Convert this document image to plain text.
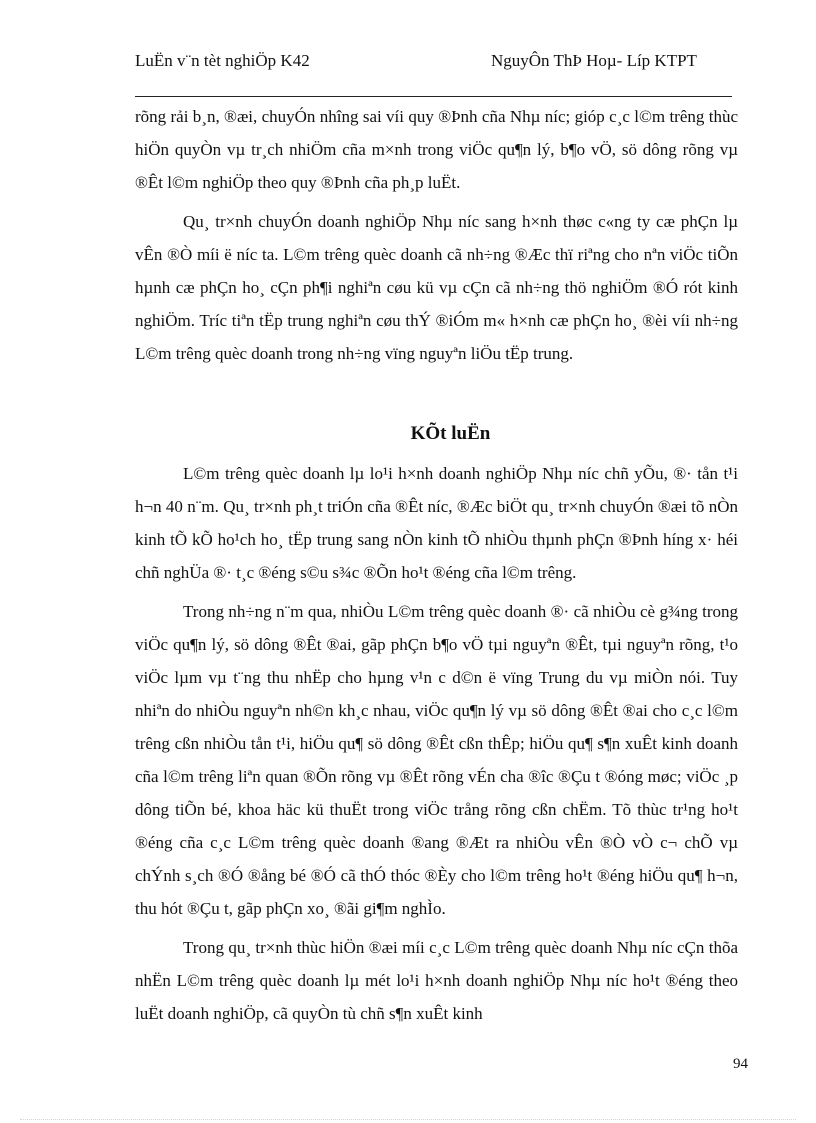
LuËn v¨n tèt nghiÖp K42	NguyÔn ThÞ Hoµ- Líp KTPT

rõng rải b¸n, ®æi, chuyÓn nhîng sai víi quy ®Þnh cña Nhµ níc; gióp c¸c l©m trêng thùc hiÖn quyÒn vµ tr¸ch nhiÖm cña m×nh trong viÖc qu¶n lý, b¶o vÖ, sö dông rõng vµ ®Êt l©m nghiÖp theo quy ®Þnh cña ph¸p luËt.

Qu¸ tr×nh chuyÓn doanh nghiÖp Nhµ níc sang h×nh thøc c«ng ty cæ phÇn lµ vÊn ®Ò míi ë níc ta. L©m trêng quèc doanh cã nh÷ng ®Æc thï riªng cho nªn viÖc tiÕn hµnh cæ phÇn ho¸ cÇn ph¶i nghiªn cøu kü vµ cÇn cã nh÷ng thö nghiÖm ®Ó rót kinh nghiÖm. Tríc tiªn tËp trung nghiªn cøu thÝ ®iÓm m« h×nh cæ phÇn ho¸ ®èi víi nh÷ng L©m trêng quèc doanh trong nh÷ng vïng nguyªn liÖu tËp trung.

KÕt luËn

L©m trêng quèc doanh lµ lo¹i h×nh doanh nghiÖp Nhµ níc chñ yÕu, ®· tån t¹i h¬n 40 n¨m. Qu¸ tr×nh ph¸t triÓn cña ®Êt níc, ®Æc biÖt qu¸ tr×nh chuyÓn ®æi tõ nÒn kinh tÕ kÕ ho¹ch ho¸ tËp trung sang nÒn kinh tÕ nhiÒu thµnh phÇn ®Þnh híng x· héi chñ nghÜa ®· t¸c ®éng s©u s¾c ®Õn ho¹t ®éng cña l©m trêng.

Trong nh÷ng n¨m qua, nhiÒu L©m trêng quèc doanh ®· cã nhiÒu cè g¾ng trong viÖc qu¶n lý, sö dông ®Êt ®ai, gãp phÇn b¶o vÖ tµi nguyªn ®Êt, tµi nguyªn rõng, t¹o viÖc lµm vµ t¨ng thu nhËp cho hµng v¹n c d©n ë vïng Trung du vµ miÒn nói. Tuy nhiªn do nhiÒu nguyªn nh©n kh¸c nhau, viÖc qu¶n lý vµ sö dông ®Êt ®ai cho c¸c l©m trêng cßn nhiÒu tån t¹i, hiÖu qu¶ sö dông ®Êt cßn thÊp; hiÖu qu¶ s¶n xuÊt kinh doanh cña l©m trêng liªn quan ®Õn rõng vµ ®Êt rõng vÉn cha ®îc ®Çu t ®óng møc; viÖc ¸p dông tiÕn bé, khoa häc kü thuËt trong viÖc trång rõng cßn chËm. Tõ thùc tr¹ng ho¹t ®éng cña c¸c L©m trêng quèc doanh ®ang ®Æt ra nhiÒu vÊn ®Ò vÒ c¬ chÕ vµ chÝnh s¸ch ®Ó ®ång bé ®Ó cã thÓ thóc ®Èy cho l©m trêng ho¹t ®éng hiÖu qu¶ h¬n, thu hót ®Çu t, gãp phÇn xo¸ ®ãi gi¶m nghÌo.

Trong qu¸ tr×nh thùc hiÖn ®æi míi c¸c L©m trêng quèc doanh Nhµ níc cÇn thõa nhËn L©m trêng quèc doanh lµ mét lo¹i h×nh doanh nghiÖp Nhµ níc ho¹t ®éng theo luËt doanh nghiÖp, cã quyÒn tù chñ s¶n xuÊt kinh

94
